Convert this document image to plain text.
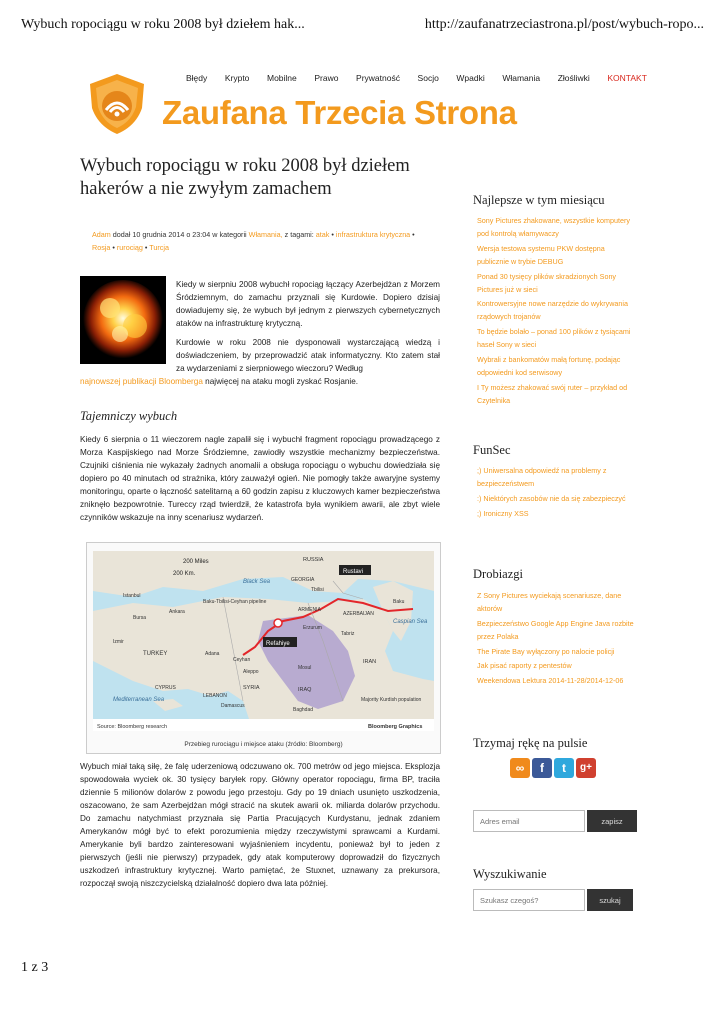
Wybuch ropociągu w roku 2008 był dziełem hak...	http://zaufanatrzeciastrona.pl/post/wybuch-ropo...
Błędy Krypto Mobilne Prawo Prywatność Socjo Wpadki Włamania Złośliwki KONTAKT
Zaufana Trzecia Strona
Wybuch ropociągu w roku 2008 był dziełem hakerów a nie zwyłym zamachem
Adam dodał 10 grudnia 2014 o 23:04 w kategorii Włamania, z tagami: atak • infrastruktura krytyczna •
Rosja • rurociąg • Turcja

Kiedy w sierpniu 2008 wybuchł ropociąg łączący Azerbejdżan z Morzem Śródziemnym, do zamachu przyznali się Kurdowie. Dopiero dzisiaj dowiadujemy się, że wybuch był jednym z pierwszych cybernetycznych ataków na infrastrukturę krytyczną.

Kurdowie w roku 2008 nie dysponowali wystarczającą wiedzą i doświadczeniem, by przeprowadzić atak informatyczny. Kto zatem stał za wydarzeniami z sierpniowego wieczoru? Według

najnowszej publikacji Bloomberga najwięcej na ataku mogli zyskać Rosjanie.

Tajemniczy wybuch

Kiedy 6 sierpnia o 11 wieczorem nagle zapalił się i wybuchł fragment ropociągu prowadzącego z Morza Kaspijskiego nad Morze Śródziemne, zawiodły wszystkie mechanizmy bezpieczeństwa. Czujniki ciśnienia nie wykazały żadnych anomalii a obsługa ropociągu o wybuchu dowiedziała się dopiero po 40 minutach od strażnika, który zauważył ogień. Nie pomogły także awaryjne systemy monitoringu, oparte o łączność satelitarną a 60 godzin zapisu z kluczowych kamer bezpieczeństwa zniknęło bezpowrotnie. Tureccy rząd twierdził, że katastrofa była wynikiem awarii, ale zbyt wiele czynników wskazuje na inny scenariusz wydarzeń.

Rustavi
Refahiye
200 Miles
200 Km.
RUSSIA
GEORGIA
Tbilisi
Black Sea
Caspian Sea
Mediterranean Sea
Istanbul
Ankara
Bursa
Izmir
TURKEY
ARMENIA
AZERBAIJAN
Baku
Baku-Tbilisi-Ceyhan pipeline
Erzurum
Tabriz
IRAN
Adana
Ceyhan
Aleppo
Mosul
SYRIA	IRAQ
CYPRUS
LEBANON
Damascus
Baghdad
Majority Kurdish population
Source: Bloomberg research	Bloomberg Graphics
Przebieg rurociągu i miejsce ataku (źródło: Bloomberg)

Wybuch miał taką siłę, że falę uderzeniową odczuwano ok. 700 metrów od jego miejsca. Eksplozja spowodowała wyciek ok. 30 tysięcy baryłek ropy. Główny operator ropociągu, firma BP, traciła dziennie 5 milionów dolarów z powodu jego przestoju. Gdy po 19 dniach usunięto uszkodzenia, oszacowano, że sam Azerbejdżan mógł stracić na skutek awarii ok. miliarda dolarów przychodu. Do zamachu natychmiast przyznała się Partia Pracujących Kurdystanu, jednak zdaniem Amerykanów mógł być to efekt porozumienia między rzeczywistymi sprawcami a Kurdami. Amerykanie byli bardzo zainteresowani wyjaśnieniem incydentu, ponieważ był to jeden z pierwszych (jeśli nie pierwszy) przypadek, gdy atak komputerowy doprowadził do fizycznych uszkodzeń infrastruktury krytycznej. Warto pamiętać, że Stuxnet, uznawany za prekursora, rozpoczął swoją niszczycielską działalność dopiero dwa lata później.

Najlepsze w tym miesiącu
Sony Pictures zhakowane, wszystkie komputery pod kontrolą włamywaczy
Wersja testowa systemu PKW dostępna publicznie w trybie DEBUG
Ponad 30 tysięcy plików skradzionych Sony Pictures już w sieci
Kontrowersyjne nowe narzędzie do wykrywania rządowych trojanów
To będzie bolało – ponad 100 plików z tysiącami haseł Sony w sieci
Wybrali z bankomatów małą fortunę, podając odpowiedni kod serwisowy
I Ty możesz zhakować swój ruter – przykład od Czytelnika
FunSec
;) Uniwersalna odpowiedź na problemy z bezpieczeństwem
:) Niektórych zasobów nie da się zabezpieczyć
;) Ironiczny XSS
Drobiazgi
Z Sony Pictures wyciekają scenariusze, dane aktorów
Bezpieczeństwo Google App Engine Java rozbite przez Polaka
The Pirate Bay wyłączony po nalocie policji
Jak pisać raporty z pentestów
Weekendowa Lektura 2014-11-28/2014-12-06
Trzymaj rękę na pulsie
∞	f	t	g+
Adres email
zapisz
Wyszukiwanie
Szukasz czegoś?
szukaj
1 z 3
